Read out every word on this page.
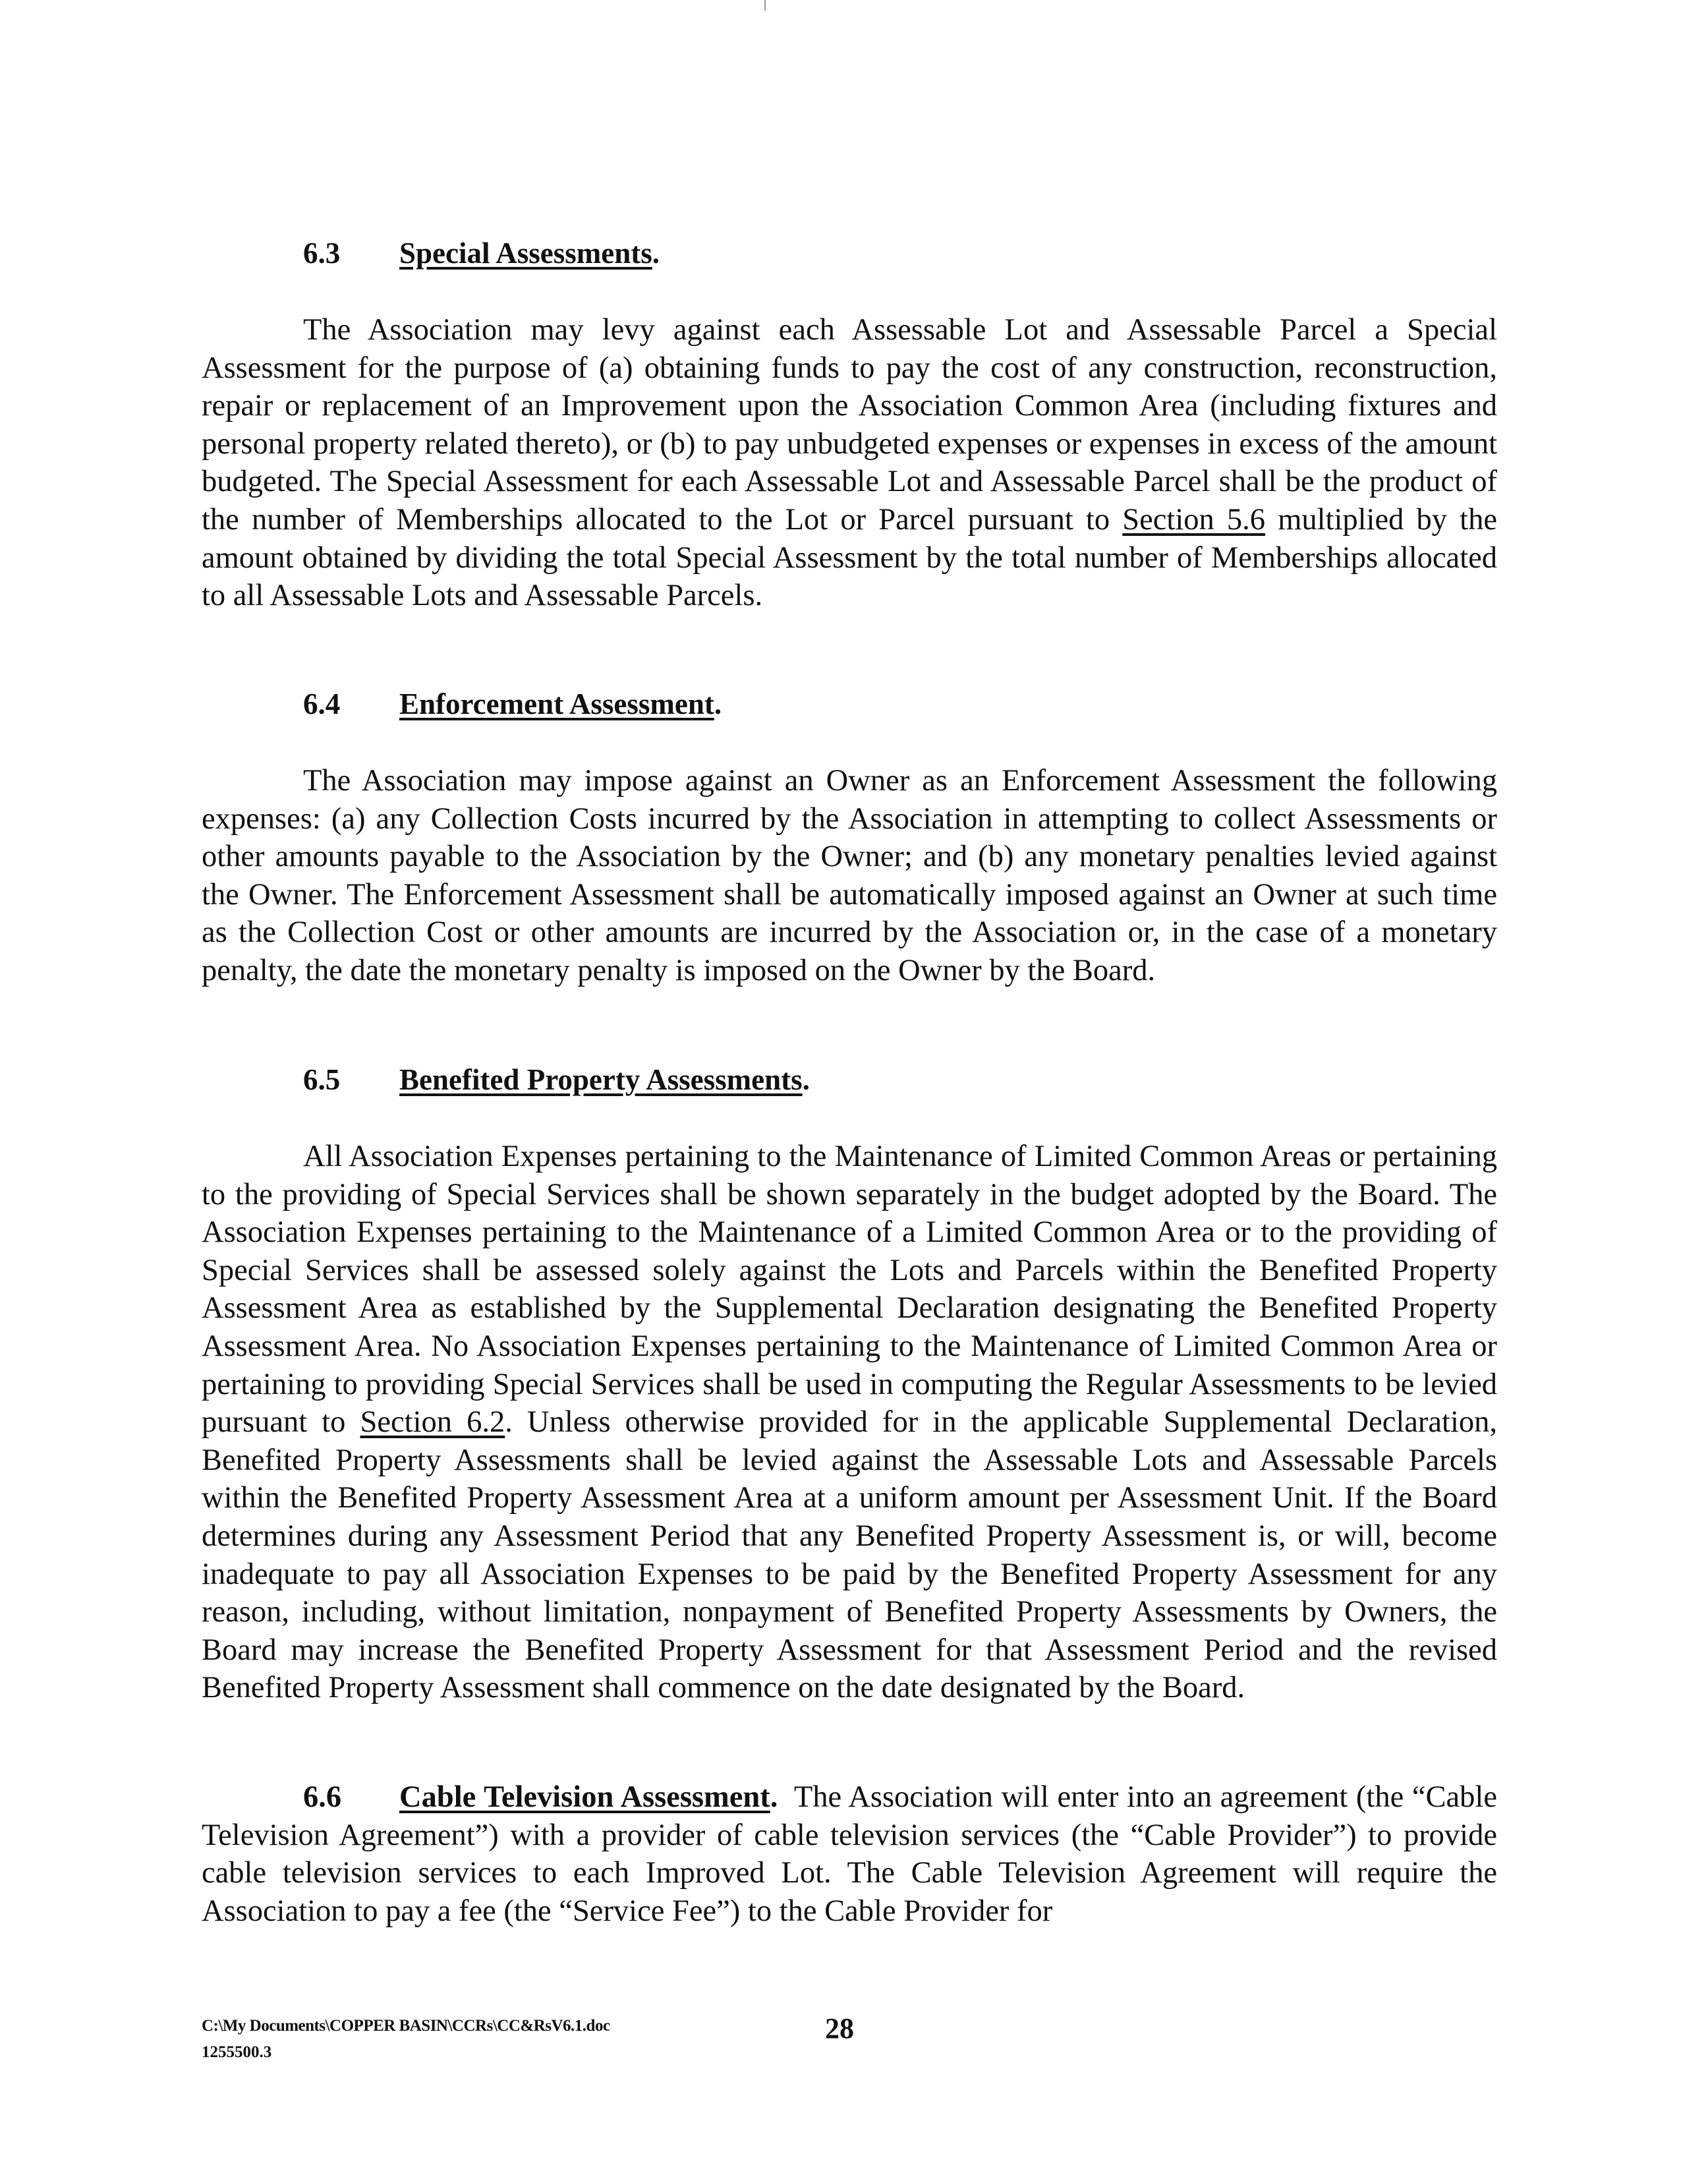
6.3 Special Assessments.
The Association may levy against each Assessable Lot and Assessable Parcel a Special Assessment for the purpose of (a) obtaining funds to pay the cost of any construction, reconstruction, repair or replacement of an Improvement upon the Association Common Area (including fixtures and personal property related thereto), or (b) to pay unbudgeted expenses or expenses in excess of the amount budgeted. The Special Assessment for each Assessable Lot and Assessable Parcel shall be the product of the number of Memberships allocated to the Lot or Parcel pursuant to Section 5.6 multiplied by the amount obtained by dividing the total Special Assessment by the total number of Memberships allocated to all Assessable Lots and Assessable Parcels.
6.4 Enforcement Assessment.
The Association may impose against an Owner as an Enforcement Assessment the following expenses: (a) any Collection Costs incurred by the Association in attempting to collect Assessments or other amounts payable to the Association by the Owner; and (b) any monetary penalties levied against the Owner. The Enforcement Assessment shall be automatically imposed against an Owner at such time as the Collection Cost or other amounts are incurred by the Association or, in the case of a monetary penalty, the date the monetary penalty is imposed on the Owner by the Board.
6.5 Benefited Property Assessments.
All Association Expenses pertaining to the Maintenance of Limited Common Areas or pertaining to the providing of Special Services shall be shown separately in the budget adopted by the Board. The Association Expenses pertaining to the Maintenance of a Limited Common Area or to the providing of Special Services shall be assessed solely against the Lots and Parcels within the Benefited Property Assessment Area as established by the Supplemental Declaration designating the Benefited Property Assessment Area. No Association Expenses pertaining to the Maintenance of Limited Common Area or pertaining to providing Special Services shall be used in computing the Regular Assessments to be levied pursuant to Section 6.2. Unless otherwise provided for in the applicable Supplemental Declaration, Benefited Property Assessments shall be levied against the Assessable Lots and Assessable Parcels within the Benefited Property Assessment Area at a uniform amount per Assessment Unit. If the Board determines during any Assessment Period that any Benefited Property Assessment is, or will, become inadequate to pay all Association Expenses to be paid by the Benefited Property Assessment for any reason, including, without limitation, nonpayment of Benefited Property Assessments by Owners, the Board may increase the Benefited Property Assessment for that Assessment Period and the revised Benefited Property Assessment shall commence on the date designated by the Board.
6.6 Cable Television Assessment. The Association will enter into an agreement (the “Cable Television Agreement”) with a provider of cable television services (the “Cable Provider”) to provide cable television services to each Improved Lot. The Cable Television Agreement will require the Association to pay a fee (the “Service Fee”) to the Cable Provider for
C:\My Documents\COPPER BASIN\CCRs\CC&RsV6.1.doc
1255500.3
28
